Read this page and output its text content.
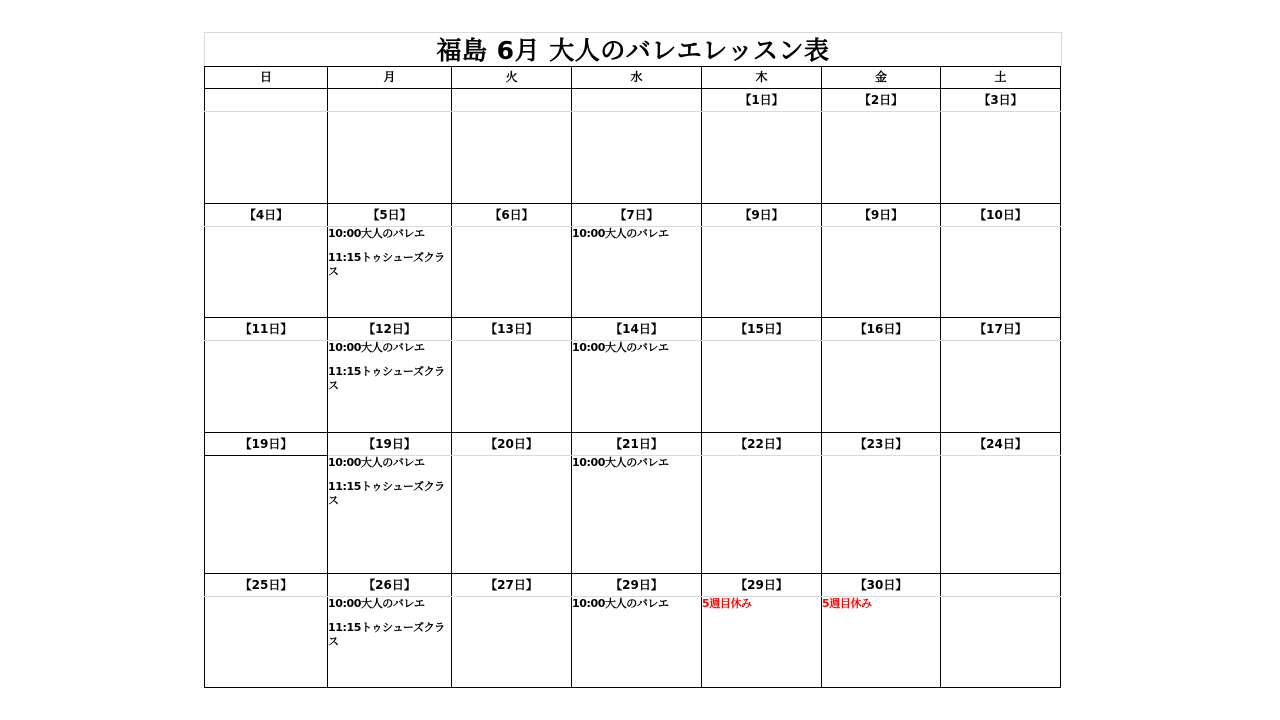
福島 6月 大人のバレエレッスン表
日	月	火	水	木	金	土
				【1日】	【2日】	【3日】

【4日】	【5日】	【6日】	【7日】	【9日】	【9日】	【10日】

	10:00大人のバレエ
11:15トゥシューズクラス		10:00大人のバレエ			

【11日】	【12日】	【13日】	【14日】	【15日】	【16日】	【17日】

	10:00大人のバレエ
11:15トゥシューズクラス		10:00大人のバレエ			

【19日】	【19日】	【20日】	【21日】	【22日】	【23日】	【24日】

	10:00大人のバレエ
11:15トゥシューズクラス		10:00大人のバレエ			

【25日】	【26日】	【27日】	【29日】	【29日】	【30日】	

	10:00大人のバレエ
11:15トゥシューズクラス		10:00大人のバレエ	5週目休み	5週目休み	
